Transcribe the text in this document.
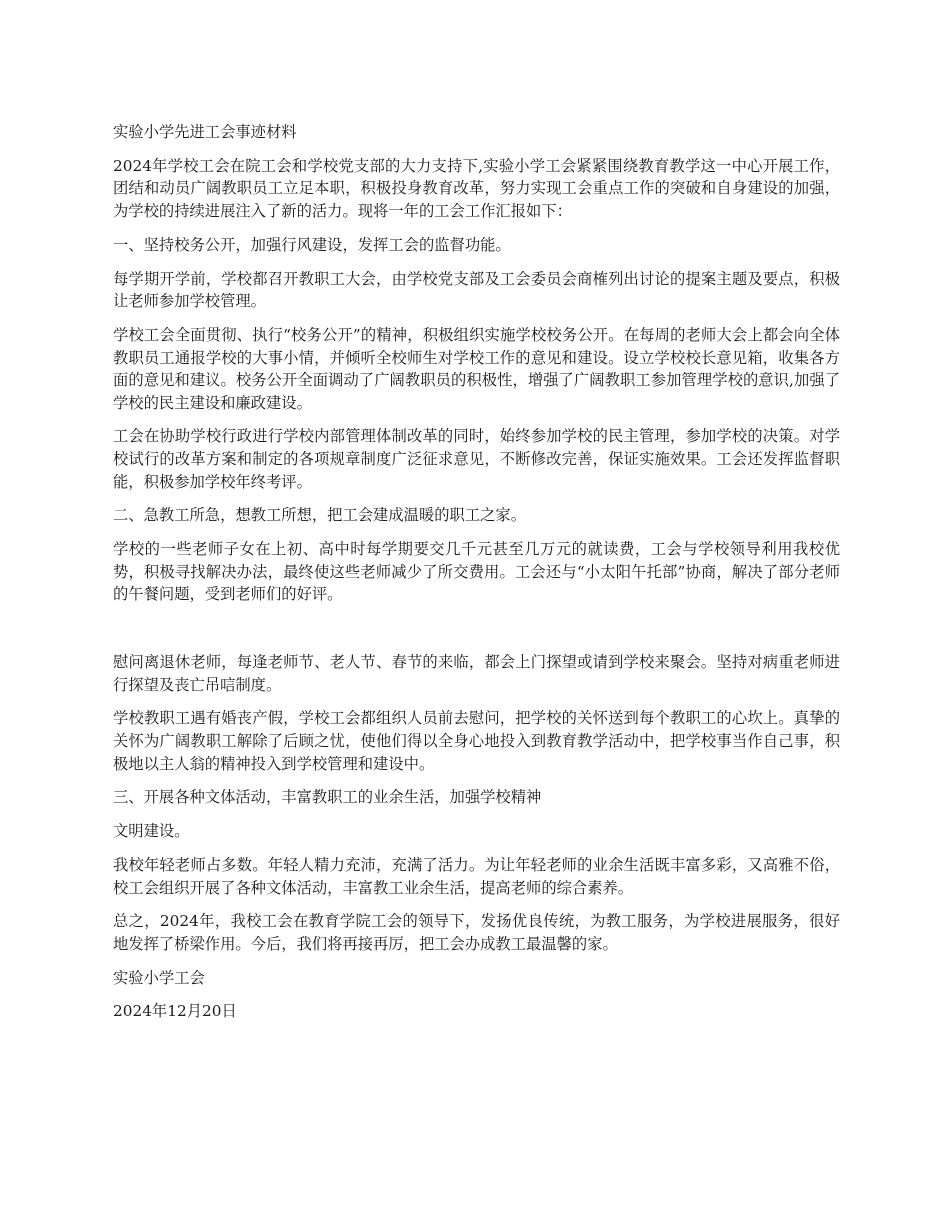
实验小学先进工会事迹材料

2024年学校工会在院工会和学校党支部的大力支持下,实验小学工会紧紧围绕教育教学这一中心开展工作，团结和动员广阔教职员工立足本职，积极投身教育改革，努力实现工会重点工作的突破和自身建设的加强，为学校的持续进展注入了新的活力。现将一年的工会工作汇报如下：

一、坚持校务公开，加强行风建设，发挥工会的监督功能。

每学期开学前，学校都召开教职工大会，由学校党支部及工会委员会商榷列出讨论的提案主题及要点，积极让老师参加学校管理。

学校工会全面贯彻、执行“校务公开”的精神，积极组织实施学校校务公开。在每周的老师大会上都会向全体教职员工通报学校的大事小情，并倾听全校师生对学校工作的意见和建设。设立学校校长意见箱，收集各方面的意见和建议。校务公开全面调动了广阔教职员的积极性，增强了广阔教职工参加管理学校的意识,加强了学校的民主建设和廉政建设。

工会在协助学校行政进行学校内部管理体制改革的同时，始终参加学校的民主管理，参加学校的决策。对学校试行的改革方案和制定的各项规章制度广泛征求意见，不断修改完善，保证实施效果。工会还发挥监督职能，积极参加学校年终考评。

二、急教工所急，想教工所想，把工会建成温暖的职工之家。

学校的一些老师子女在上初、高中时每学期要交几千元甚至几万元的就读费，工会与学校领导利用我校优势，积极寻找解决办法，最终使这些老师减少了所交费用。工会还与“小太阳午托部”协商，解决了部分老师的午餐问题，受到老师们的好评。

慰问离退休老师，每逢老师节、老人节、春节的来临，都会上门探望或请到学校来聚会。坚持对病重老师进行探望及丧亡吊唁制度。

学校教职工遇有婚丧产假，学校工会都组织人员前去慰问，把学校的关怀送到每个教职工的心坎上。真挚的关怀为广阔教职工解除了后顾之忧，使他们得以全身心地投入到教育教学活动中，把学校事当作自己事，积极地以主人翁的精神投入到学校管理和建设中。

三、开展各种文体活动，丰富教职工的业余生活，加强学校精神

文明建设。

我校年轻老师占多数。年轻人精力充沛，充满了活力。为让年轻老师的业余生活既丰富多彩，又高雅不俗，校工会组织开展了各种文体活动，丰富教工业余生活，提高老师的综合素养。

总之，2024年，我校工会在教育学院工会的领导下，发扬优良传统，为教工服务，为学校进展服务，很好地发挥了桥梁作用。今后，我们将再接再厉，把工会办成教工最温馨的家。

实验小学工会

2024年12月20日
